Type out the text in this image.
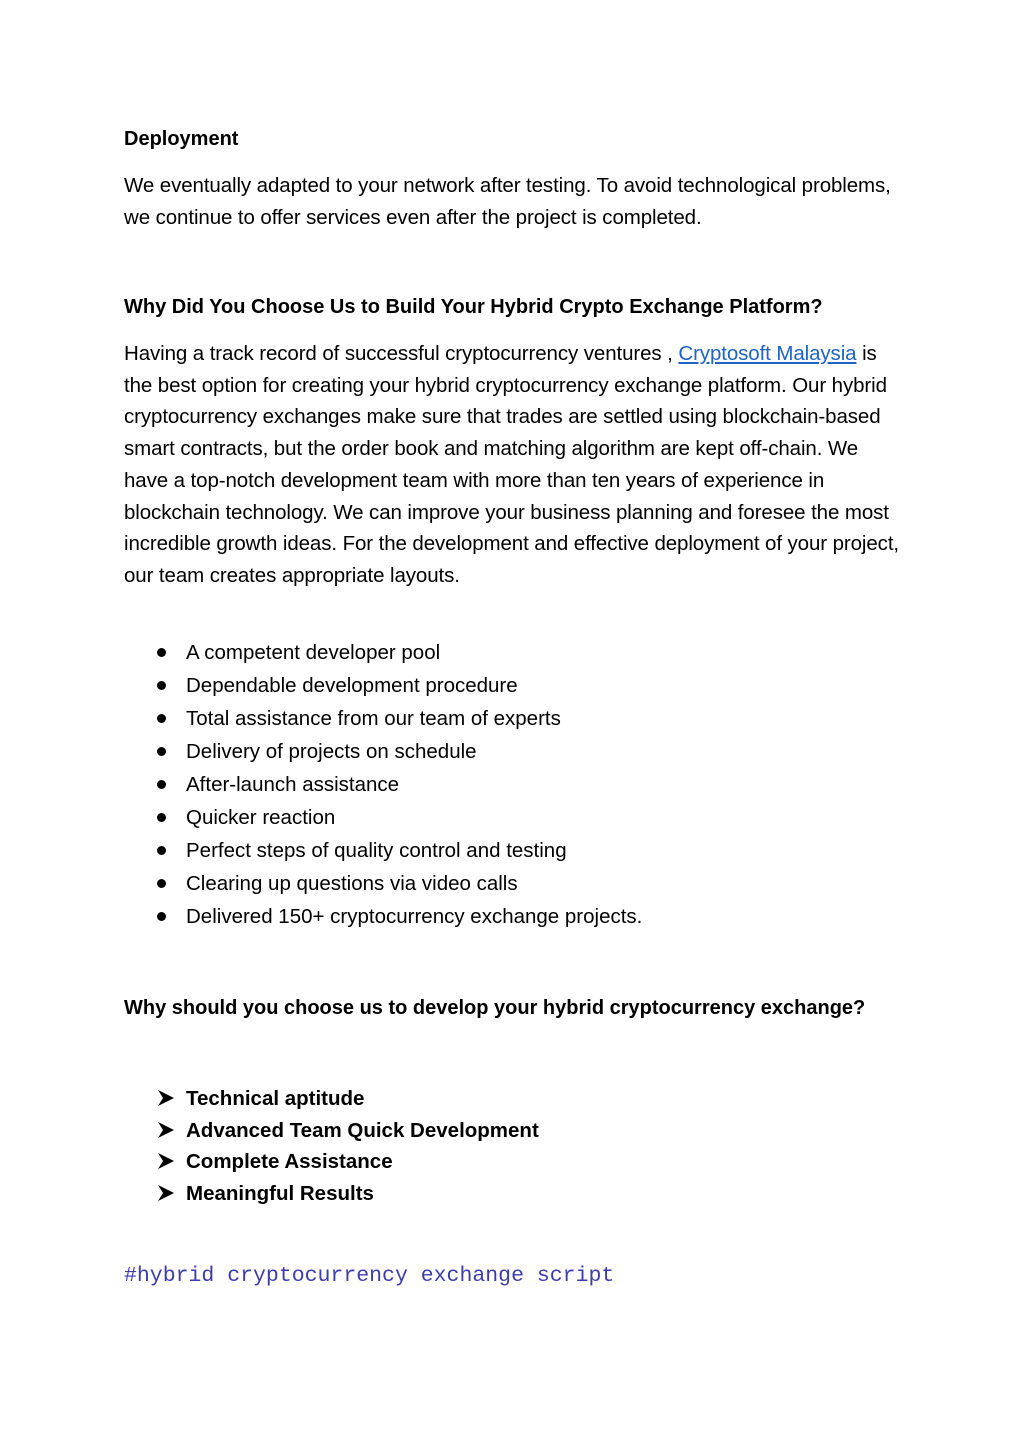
Deployment

We eventually adapted to your network after testing. To avoid technological problems, we continue to offer services even after the project is completed.

Why Did You Choose Us to Build Your Hybrid Crypto Exchange Platform?

Having a track record of successful cryptocurrency ventures , Cryptosoft Malaysia is the best option for creating your hybrid cryptocurrency exchange platform. Our hybrid cryptocurrency exchanges make sure that trades are settled using blockchain-based smart contracts, but the order book and matching algorithm are kept off-chain. We have a top-notch development team with more than ten years of experience in blockchain technology. We can improve your business planning and foresee the most incredible growth ideas. For the development and effective deployment of your project, our team creates appropriate layouts.

A competent developer pool
Dependable development procedure
Total assistance from our team of experts
Delivery of projects on schedule
After-launch assistance
Quicker reaction
Perfect steps of quality control and testing
Clearing up questions via video calls
Delivered 150+ cryptocurrency exchange projects.

Why should you choose us to develop your hybrid cryptocurrency exchange?

Technical aptitude
Advanced Team Quick Development
Complete Assistance
Meaningful Results
#hybrid cryptocurrency exchange script
